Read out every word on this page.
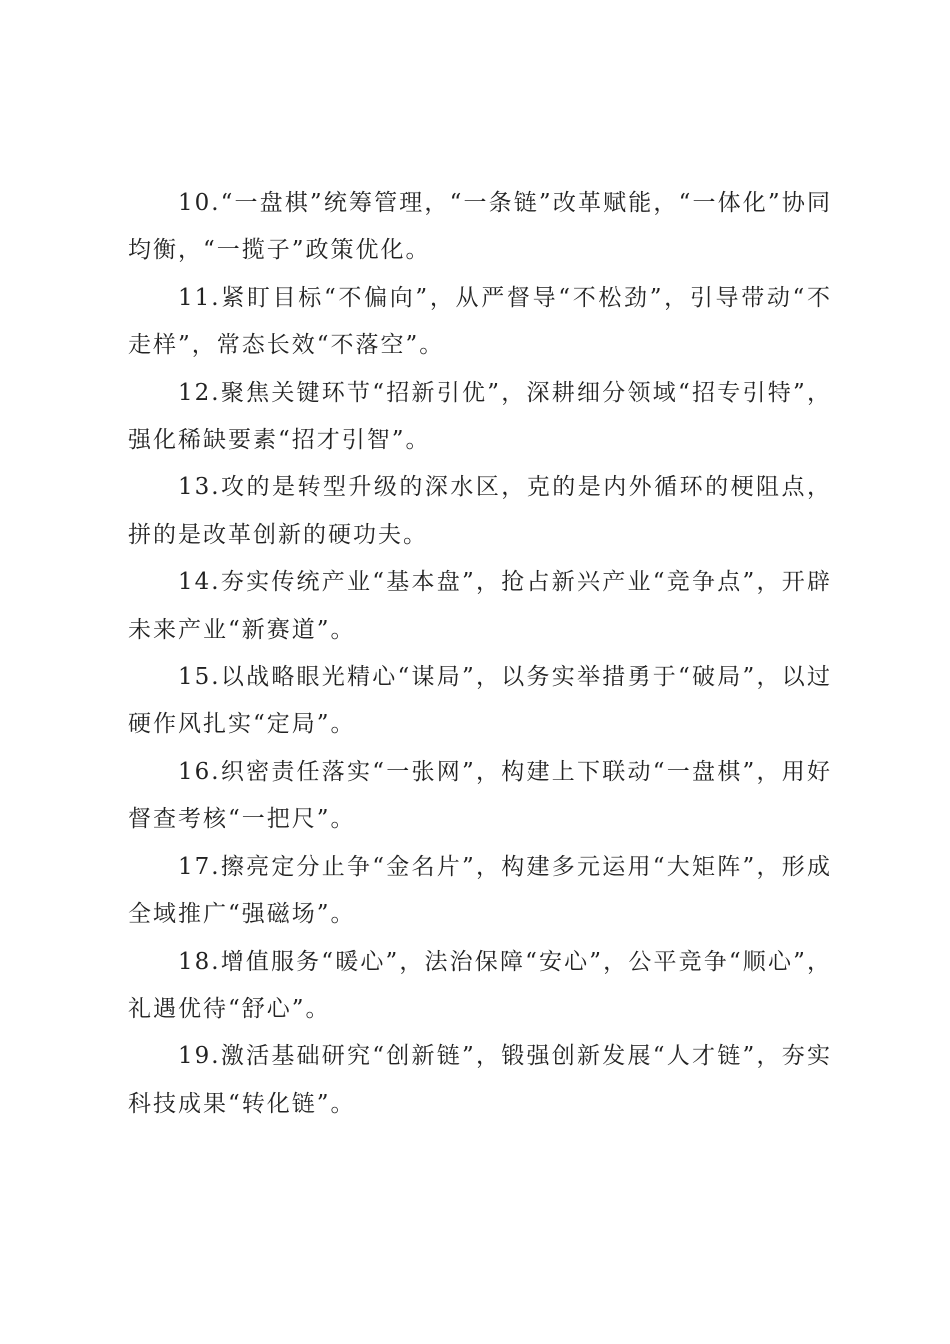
10.“一盘棋”统筹管理，“一条链”改革赋能，“一体化”协同均衡，“一揽子”政策优化。

11.紧盯目标“不偏向”，从严督导“不松劲”，引导带动“不走样”，常态长效“不落空”。

12.聚焦关键环节“招新引优”，深耕细分领域“招专引特”，强化稀缺要素“招才引智”。

13.攻的是转型升级的深水区，克的是内外循环的梗阻点，拼的是改革创新的硬功夫。

14.夯实传统产业“基本盘”，抢占新兴产业“竞争点”，开辟未来产业“新赛道”。

15.以战略眼光精心“谋局”，以务实举措勇于“破局”，以过硬作风扎实“定局”。

16.织密责任落实“一张网”，构建上下联动“一盘棋”，用好督查考核“一把尺”。

17.擦亮定分止争“金名片”，构建多元运用“大矩阵”，形成全域推广“强磁场”。

18.增值服务“暖心”，法治保障“安心”，公平竞争“顺心”，礼遇优待“舒心”。

19.激活基础研究“创新链”，锻强创新发展“人才链”，夯实科技成果“转化链”。
